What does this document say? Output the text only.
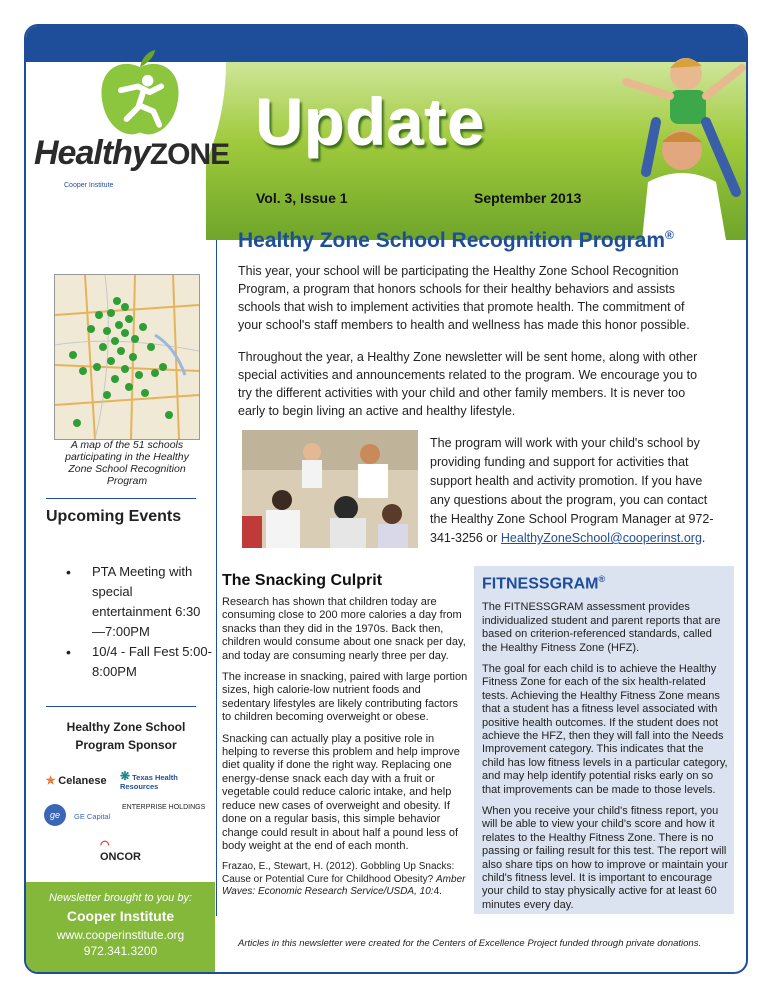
HealthyZONE
Cooper Institute
Update
Vol. 3, Issue 1	September 2013
Healthy Zone School Recognition Program®

This year, your school will be participating the Healthy Zone School Recognition Program, a program that honors schools for their healthy behaviors and assists schools that wish to implement activities that promote health. The commitment of your school's staff members to health and wellness has made this honor possible.

Throughout the year, a Healthy Zone newsletter will be sent home, along with other special activities and announcements related to the program. We encourage you to try the different activities with your child and other family members. It is never too early to begin living an active and healthy lifestyle.

A map of the 51 schools participating in the Healthy Zone School Recognition Program
Upcoming Events
• PTA Meeting with special entertainment 6:30—7:00PM
• 10/4 - Fall Fest 5:00-8:00PM
Healthy Zone School Program Sponsor
✯ Celanese ❋ Texas Health Resources
ge	GE Capital
ENTERPRISE HOLDINGS
◠
ONCOR
Newsletter brought to you by:
Cooper Institute
www.cooperinstitute.org
972.341.3200

The program will work with your child's school by providing funding and support for activities that support health and activity promotion. If you have any questions about the program, you can contact the Healthy Zone School Program Manager at 972-341-3256 or HealthyZoneSchool@cooperinst.org.

The Snacking Culprit

Research has shown that children today are consuming close to 200 more calories a day from snacks than they did in the 1970s. Back then, children would consume about one snack per day, and today are consuming nearly three per day.

The increase in snacking, paired with large portion sizes, high calorie-low nutrient foods and sedentary lifestyles are likely contributing factors to children becoming overweight or obese.

Snacking can actually play a positive role in helping to reverse this problem and help improve diet quality if done the right way. Replacing one energy-dense snack each day with a fruit or vegetable could reduce caloric intake, and help reduce new cases of overweight and obesity. If done on a regular basis, this simple behavior change could result in about half a pound less of body weight at the end of each month.

Frazao, E., Stewart, H. (2012). Gobbling Up Snacks: Cause or Potential Cure for Childhood Obesity? Amber Waves: Economic Research Service/USDA, 10:4.

FITNESSGRAM®

The FITNESSGRAM assessment provides individualized student and parent reports that are based on criterion-referenced standards, called the Healthy Fitness Zone (HFZ).

The goal for each child is to achieve the Healthy Fitness Zone for each of the six health-related tests. Achieving the Healthy Fitness Zone means that a student has a fitness level associated with positive health outcomes. If the student does not achieve the HFZ, then they will fall into the Needs Improvement category. This indicates that the child has low fitness levels in a particular category, and may help identify potential risks early on so that improvements can be made to those levels.

When you receive your child's fitness report, you will be able to view your child's score and how it relates to the Healthy Fitness Zone. There is no passing or failing result for this test. The report will also share tips on how to improve or maintain your child's fitness level. It is important to encourage your child to stay physically active for at least 60 minutes every day.

Articles in this newsletter were created for the Centers of Excellence Project funded through private donations.
